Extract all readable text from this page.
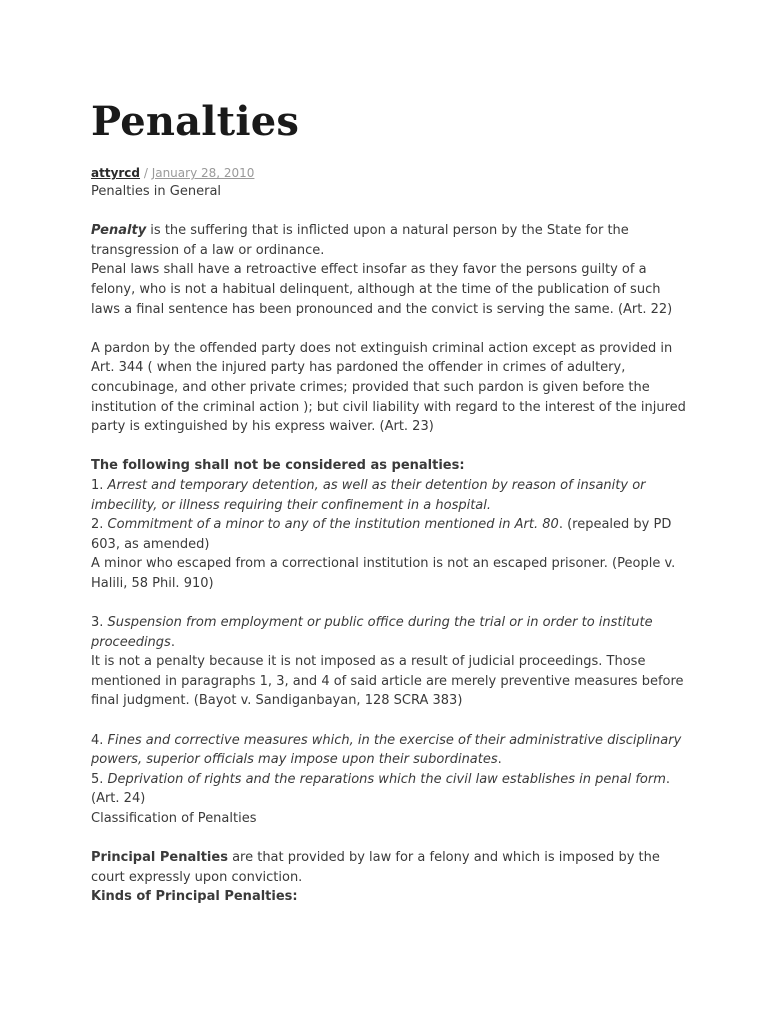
Penalties

attyrcd / January 28, 2010

Penalties in General

Penalty is the suffering that is inflicted upon a natural person by the State for the transgression of a law or ordinance.

Penal laws shall have a retroactive effect insofar as they favor the persons guilty of a felony, who is not a habitual delinquent, although at the time of the publication of such laws a final sentence has been pronounced and the convict is serving the same. (Art. 22)

A pardon by the offended party does not extinguish criminal action except as provided in Art. 344 ( when the injured party has pardoned the offender in crimes of adultery, concubinage, and other private crimes; provided that such pardon is given before the institution of the criminal action ); but civil liability with regard to the interest of the injured party is extinguished by his express waiver. (Art. 23)

The following shall not be considered as penalties:

1. Arrest and temporary detention, as well as their detention by reason of insanity or imbecility, or illness requiring their confinement in a hospital.

2. Commitment of a minor to any of the institution mentioned in Art. 80. (repealed by PD 603, as amended)

A minor who escaped from a correctional institution is not an escaped prisoner. (People v. Halili, 58 Phil. 910)

3. Suspension from employment or public office during the trial or in order to institute proceedings.

It is not a penalty because it is not imposed as a result of judicial proceedings. Those mentioned in paragraphs 1, 3, and 4 of said article are merely preventive measures before final judgment. (Bayot v. Sandiganbayan, 128 SCRA 383)

4. Fines and corrective measures which, in the exercise of their administrative disciplinary powers, superior officials may impose upon their subordinates.

5. Deprivation of rights and the reparations which the civil law establishes in penal form. (Art. 24)

Classification of Penalties

Principal Penalties are that provided by law for a felony and which is imposed by the court expressly upon conviction.

Kinds of Principal Penalties:
